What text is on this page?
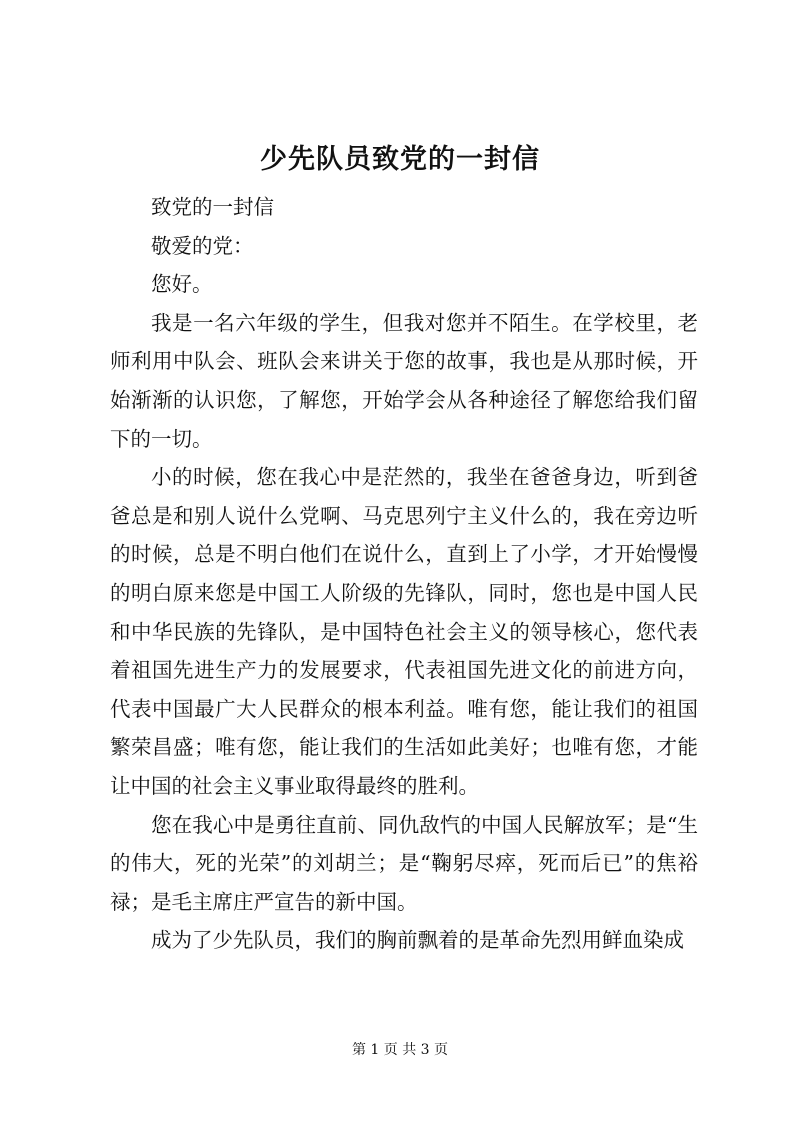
少先队员致党的一封信

致党的一封信

敬爱的党：

您好。

我是一名六年级的学生，但我对您并不陌生。在学校里，老师利用中队会、班队会来讲关于您的故事，我也是从那时候，开始渐渐的认识您，了解您，开始学会从各种途径了解您给我们留下的一切。

小的时候，您在我心中是茫然的，我坐在爸爸身边，听到爸爸总是和别人说什么党啊、马克思列宁主义什么的，我在旁边听的时候，总是不明白他们在说什么，直到上了小学，才开始慢慢的明白原来您是中国工人阶级的先锋队，同时，您也是中国人民和中华民族的先锋队，是中国特色社会主义的领导核心，您代表着祖国先进生产力的发展要求，代表祖国先进文化的前进方向，代表中国最广大人民群众的根本利益。唯有您，能让我们的祖国繁荣昌盛；唯有您，能让我们的生活如此美好；也唯有您，才能让中国的社会主义事业取得最终的胜利。

您在我心中是勇往直前、同仇敌忾的中国人民解放军；是“生的伟大，死的光荣”的刘胡兰；是“鞠躬尽瘁，死而后已”的焦裕禄；是毛主席庄严宣告的新中国。

成为了少先队员，我们的胸前飘着的是革命先烈用鲜血染成

第 1 页 共 3 页
